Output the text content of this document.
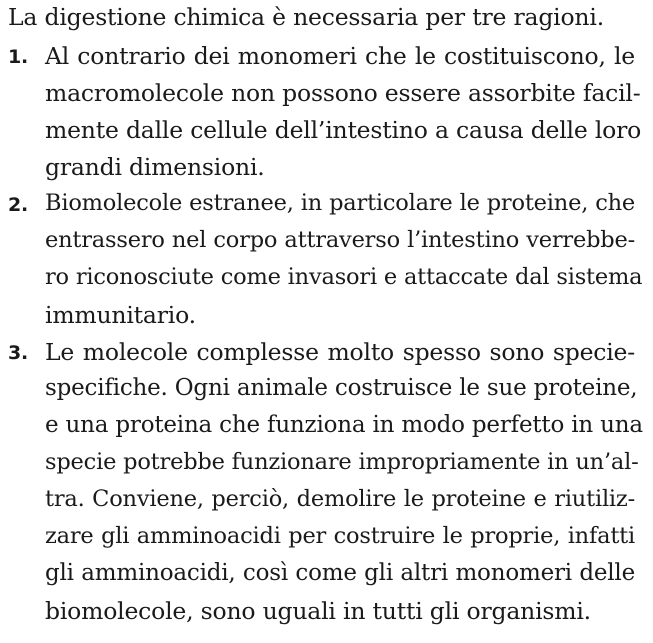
La digestione chimica è necessaria per tre ragioni.
1. Al contrario dei monomeri che le costituiscono, le
macromolecole non possono essere assorbite facil-
mente dalle cellule dell’intestino a causa delle loro
grandi dimensioni.
2. Biomolecole estranee, in particolare le proteine, che
entrassero nel corpo attraverso l’intestino verrebbe-
ro riconosciute come invasori e attaccate dal sistema
immunitario.
3. Le molecole complesse molto spesso sono specie-
specifiche. Ogni animale costruisce le sue proteine,
e una proteina che funziona in modo perfetto in una
specie potrebbe funzionare impropriamente in un’al-
tra. Conviene, perciò, demolire le proteine e riutiliz-
zare gli amminoacidi per costruire le proprie, infatti
gli amminoacidi, così come gli altri monomeri delle
biomolecole, sono uguali in tutti gli organismi.
